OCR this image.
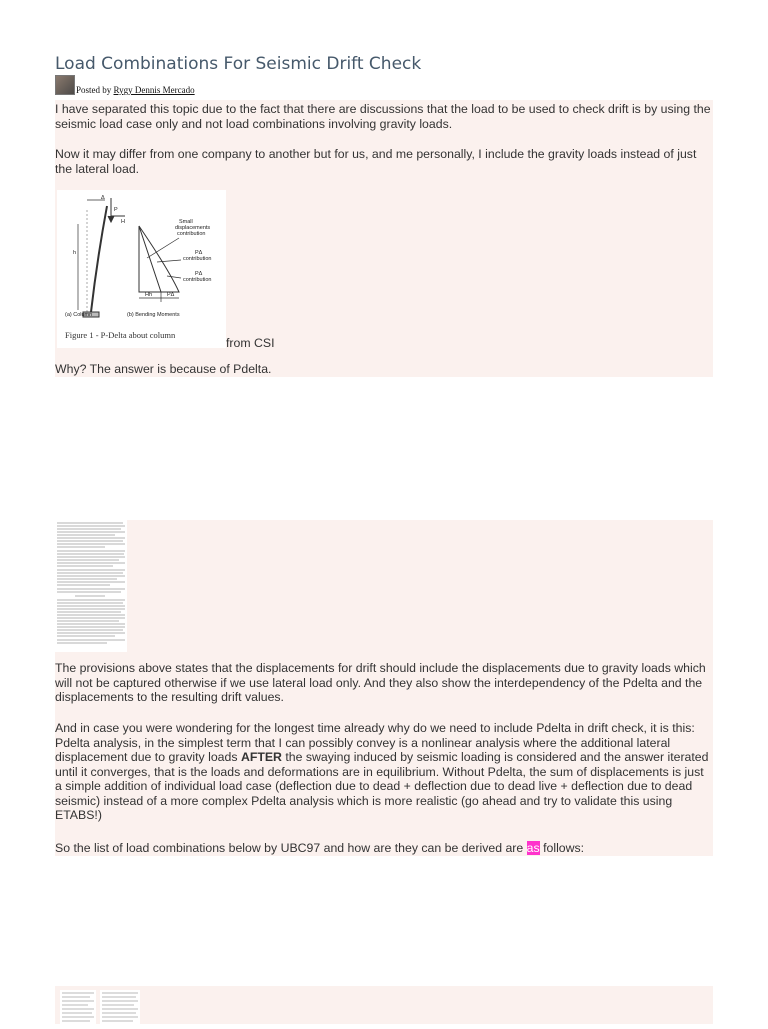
Load Combinations For Seismic Drift Check
Posted by Rygy Dennis Mercado

I have separated this topic due to the fact that there are discussions that the load to be used to check drift is by using the seismic load case only and not load combinations involving gravity loads.

Now it may differ from one company to another but for us, and me personally, I include the gravity loads instead of just the lateral load.

Δ
P
H
h
Small
displacements
contribution
PΔ
contribution
PΔ
contribution
Hh	PΔ
(a) Column	(b) Bending Moments
Figure 1 - P-Delta about column
from CSI

Why? The answer is because of Pdelta.

The provisions above states that the displacements for drift should include the displacements due to gravity loads which will not be captured otherwise if we use lateral load only. And they also show the interdependency of the Pdelta and the displacements to the resulting drift values.

And in case you were wondering for the longest time already why do we need to include Pdelta in drift check, it is this: Pdelta analysis, in the simplest term that I can possibly convey is a nonlinear analysis where the additional lateral displacement due to gravity loads AFTER the swaying induced by seismic loading is considered and the answer iterated until it converges, that is the loads and deformations are in equilibrium. Without Pdelta, the sum of displacements is just a simple addition of individual load case (deflection due to dead + deflection due to dead live + deflection due to dead seismic) instead of a more complex Pdelta analysis which is more realistic (go ahead and try to validate this using ETABS!)

So the list of load combinations below by UBC97 and how are they can be derived are as follows:
